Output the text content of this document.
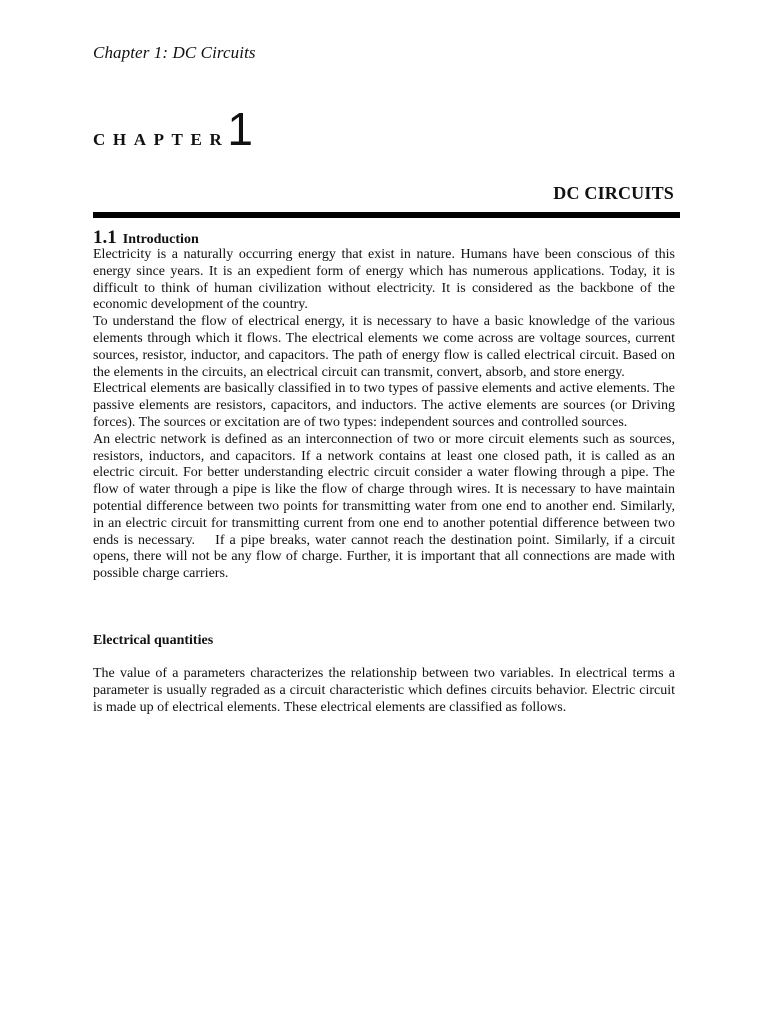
Chapter 1: DC Circuits
CHAPTER1
DC CIRCUITS
1.1 Introduction

Electricity is a naturally occurring energy that exist in nature. Humans have been conscious of this energy since years. It is an expedient form of energy which has numerous applications. Today, it is difficult to think of human civilization without electricity. It is considered as the backbone of the economic development of the country.

To understand the flow of electrical energy, it is necessary to have a basic knowledge of the various elements through which it flows. The electrical elements we come across are voltage sources, current sources, resistor, inductor, and capacitors. The path of energy flow is called electrical circuit. Based on the elements in the circuits, an electrical circuit can transmit, convert, absorb, and store energy.

Electrical elements are basically classified in to two types of passive elements and active elements. The passive elements are resistors, capacitors, and inductors. The active elements are sources (or Driving forces). The sources or excitation are of two types: independent sources and controlled sources.

An electric network is defined as an interconnection of two or more circuit elements such as sources, resistors, inductors, and capacitors. If a network contains at least one closed path, it is called as an electric circuit. For better understanding electric circuit consider a water flowing through a pipe. The flow of water through a pipe is like the flow of charge through wires. It is necessary to have maintain potential difference between two points for transmitting water from one end to another end. Similarly, in an electric circuit for transmitting current from one end to another potential difference between two ends is necessary.    If a pipe breaks, water cannot reach the destination point. Similarly, if a circuit opens, there will not be any flow of charge. Further, it is important that all connections are made with possible charge carriers.

Electrical quantities

The value of a parameters characterizes the relationship between two variables. In electrical terms a parameter is usually regraded as a circuit characteristic which defines circuits behavior. Electric circuit is made up of electrical elements. These electrical elements are classified as follows.
